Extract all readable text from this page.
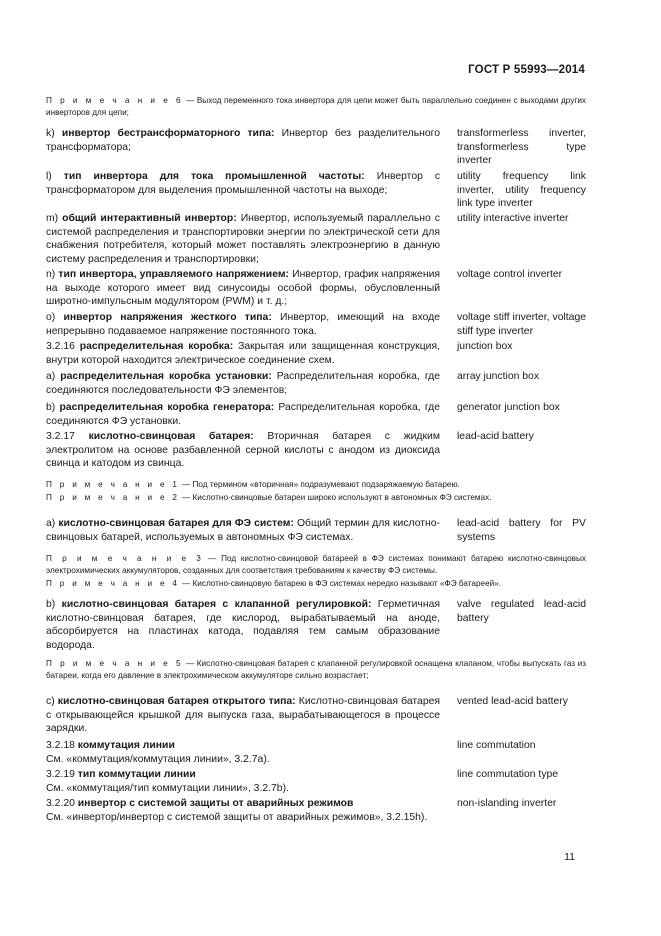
ГОСТ Р 55993—2014
П р и м е ч а н и е 6 — Выход переменного тока инвертора для цепи может быть параллельно соединен с выходами других инверторов для цепи;
k) инвертор бестрансформаторного типа: Инвертор без разделительного трансформатора;
transformerless inverter, transformerless type inverter
l) тип инвертора для тока промышленной частоты: Инвертор с трансформатором для выделения промышленной частоты на выходе;
utility frequency link inverter, utility frequency link type inverter
m) общий интерактивный инвертор: Инвертор, используемый параллельно с системой распределения и транспортировки энергии по электрической сети для снабжения потребителя, который может поставлять электроэнергию в данную систему распределения и транспортировки;
utility interactive inverter
n) тип инвертора, управляемого напряжением: Инвертор, график напряжения на выходе которого имеет вид синусоиды особой формы, обусловленный широтно-импульсным модулятором (PWM) и т. д.;
voltage control inverter
o) инвертор напряжения жесткого типа: Инвертор, имеющий на входе непрерывно подаваемое напряжение постоянного тока.
voltage stiff inverter, voltage stiff type inverter
3.2.16 распределительная коробка: Закрытая или защищенная конструкция, внутри которой находится электрическое соединение схем.
junction box
a) распределительная коробка установки: Распределительная коробка, где соединяются последовательности ФЭ элементов;
array junction box
b) распределительная коробка генератора: Распределительная коробка, где соединяются ФЭ установки.
generator junction box
3.2.17 кислотно-свинцовая батарея: Вторичная батарея с жидким электролитом на основе разбавленной серной кислоты с анодом из диоксида свинца и катодом из свинца.
lead-acid battery
П р и м е ч а н и е 1 — Под термином «вторичная» подразумевают подзаряжаемую батарею.
П р и м е ч а н и е 2 — Кислотно-свинцовые батареи широко используют в автономных ФЭ системах.
a) кислотно-свинцовая батарея для ФЭ систем: Общий термин для кислотно-свинцовых батарей, используемых в автономных ФЭ системах.
lead-acid battery for PV systems
П р и м е ч а н и е 3 — Под кислотно-свинцовой батареей в ФЭ системах понимают батарею кислотно-свинцовых электрохимических аккумуляторов, созданных для соответствия требованиям к качеству ФЭ системы.
П р и м е ч а н и е 4 — Кислотно-свинцовую батарею в ФЭ системах нередко называют «ФЭ батареей».
b) кислотно-свинцовая батарея с клапанной регулировкой: Герметичная кислотно-свинцовая батарея, где кислород, вырабатываемый на аноде, абсорбируется на пластинах катода, подавляя тем самым образование водорода.
valve regulated lead-acid battery
П р и м е ч а н и е 5 — Кислотно-свинцовая батарея с клапанной регулировкой оснащена клапаном, чтобы выпускать газ из батареи, когда его давление в электрохимическом аккумуляторе сильно возрастает;
c) кислотно-свинцовая батарея открытого типа: Кислотно-свинцовая батарея с открывающейся крышкой для выпуска газа, вырабатывающегося в процессе зарядки.
vented lead-acid battery
3.2.18 коммутация линии
См. «коммутация/коммутация линии», 3.2.7a).
line commutation
3.2.19 тип коммутации линии
См. «коммутация/тип коммутации линии», 3.2.7b).
line commutation type
3.2.20 инвертор с системой защиты от аварийных режимов
См. «инвертор/инвертор с системой защиты от аварийных режимов», 3.2.15h).
non-islanding inverter
11
